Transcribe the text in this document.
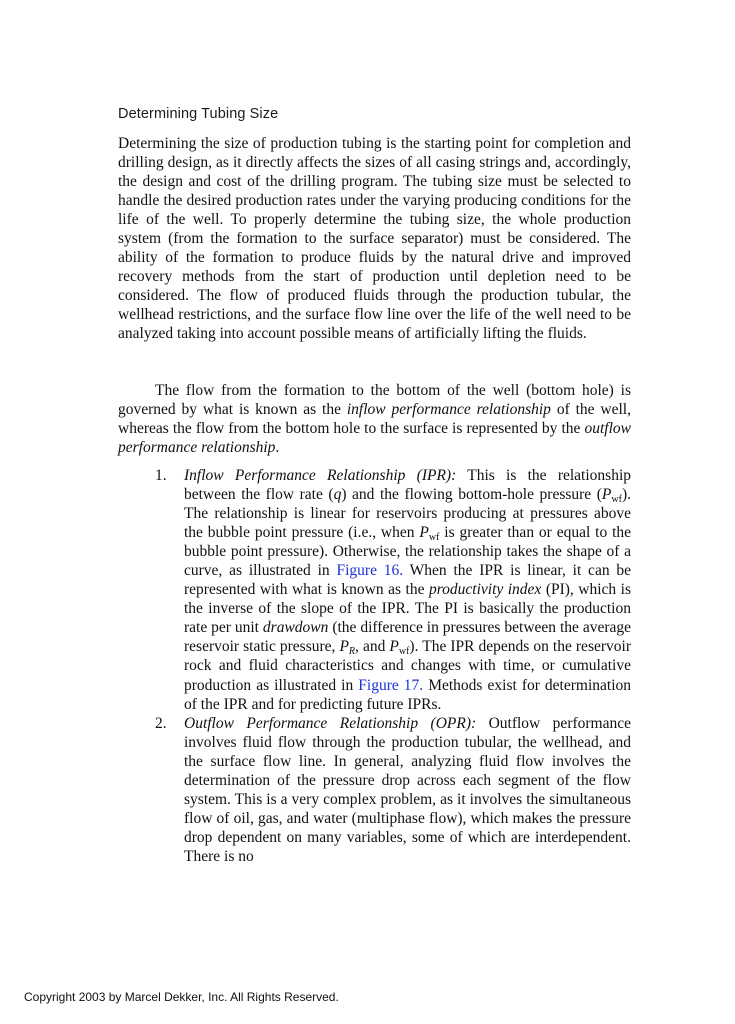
Determining Tubing Size

Determining the size of production tubing is the starting point for completion and drilling design, as it directly affects the sizes of all casing strings and, accordingly, the design and cost of the drilling program. The tubing size must be selected to handle the desired production rates under the varying producing conditions for the life of the well. To properly determine the tubing size, the whole production system (from the formation to the surface separator) must be considered. The ability of the formation to produce fluids by the natural drive and improved recovery methods from the start of production until depletion need to be considered. The flow of produced fluids through the production tubular, the wellhead restrictions, and the surface flow line over the life of the well need to be analyzed taking into account possible means of artificially lifting the fluids.

The flow from the formation to the bottom of the well (bottom hole) is governed by what is known as the inflow performance relationship of the well, whereas the flow from the bottom hole to the surface is represented by the outflow performance relationship.

1. Inflow Performance Relationship (IPR): This is the relationship between the flow rate (q) and the flowing bottom-hole pressure $(P_{wf})$. The relationship is linear for reservoirs producing at pressures above the bubble point pressure (i.e., when $P_{wf}$ is greater than or equal to the bubble point pressure). Otherwise, the relationship takes the shape of a curve, as illustrated in Figure 16. When the IPR is linear, it can be represented with what is known as the productivity index (PI), which is the inverse of the slope of the IPR. The PI is basically the production rate per unit drawdown (the difference in pressures between the average reservoir static pressure, $P_R$, and $P_{wf}$). The IPR depends on the reservoir rock and fluid characteristics and changes with time, or cumulative production as illustrated in Figure 17. Methods exist for determination of the IPR and for predicting future IPRs.
2. Outflow Performance Relationship (OPR): Outflow performance involves fluid flow through the production tubular, the wellhead, and the surface flow line. In general, analyzing fluid flow involves the determination of the pressure drop across each segment of the flow system. This is a very complex problem, as it involves the simultaneous flow of oil, gas, and water (multiphase flow), which makes the pressure drop dependent on many variables, some of which are interdependent. There is no
Copyright 2003 by Marcel Dekker, Inc. All Rights Reserved.
